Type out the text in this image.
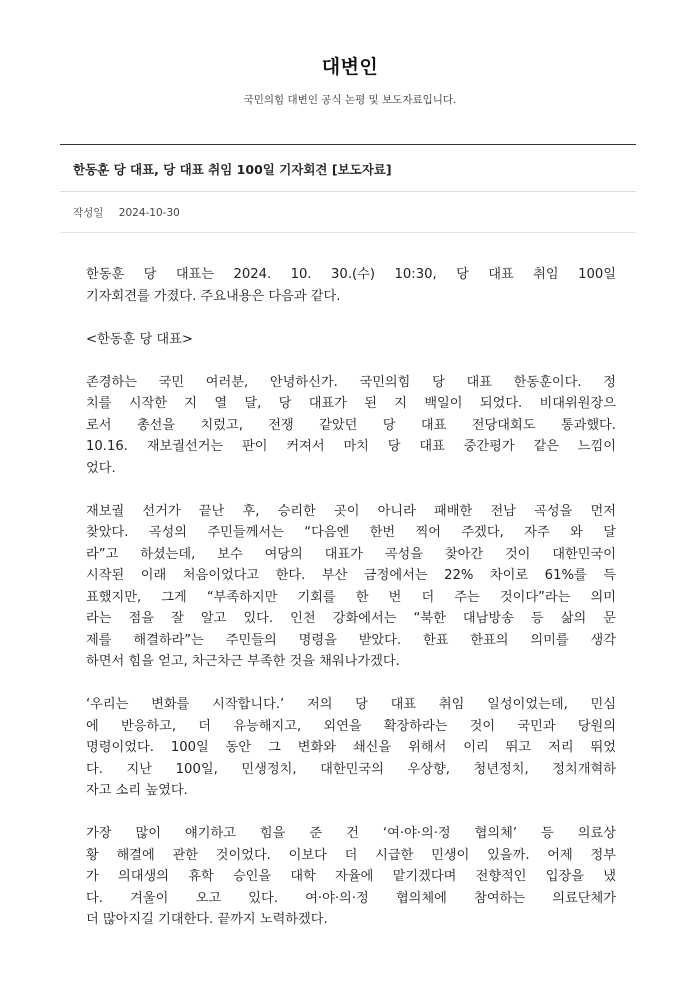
대변인
국민의힘 대변인 공식 논평 및 보도자료입니다.
한동훈 당 대표, 당 대표 취임 100일 기자회견 [보도자료]
작성일 2024-10-30
한동훈 당 대표는 2024. 10. 30.(수) 10:30, 당 대표 취임 100일
기자회견를 가졌다. 주요내용은 다음과 같다.
<한동훈 당 대표>
존경하는 국민 여러분, 안녕하신가. 국민의힘 당 대표 한동훈이다. 정
치를 시작한 지 열 달, 당 대표가 된 지 백일이 되었다. 비대위원장으
로서 총선을 치렀고, 전쟁 같았던 당 대표 전당대회도 통과했다.
10.16. 재보궐선거는 판이 커져서 마치 당 대표 중간평가 같은 느낌이
었다.
재보궐 선거가 끝난 후, 승리한 곳이 아니라 패배한 전남 곡성을 먼저
찾았다. 곡성의 주민들께서는 “다음엔 한번 찍어 주겠다, 자주 와 달
라”고 하셨는데, 보수 여당의 대표가 곡성을 찾아간 것이 대한민국이
시작된 이래 처음이었다고 한다. 부산 금정에서는 22% 차이로 61%를 득
표했지만, 그게 “부족하지만 기회를 한 번 더 주는 것이다”라는 의미
라는 점을 잘 알고 있다. 인천 강화에서는 “북한 대남방송 등 삶의 문
제를 해결하라”는 주민들의 명령을 받았다. 한표 한표의 의미를 생각
하면서 힘을 얻고, 차근차근 부족한 것을 채워나가겠다.
‘우리는 변화를 시작합니다.’ 저의 당 대표 취임 일성이었는데, 민심
에 반응하고, 더 유능해지고, 외연을 확장하라는 것이 국민과 당원의
명령이었다. 100일 동안 그 변화와 쇄신을 위해서 이리 뛰고 저리 뛰었
다. 지난 100일, 민생정치, 대한민국의 우상향, 청년정치, 정치개혁하
자고 소리 높였다.
가장 많이 얘기하고 힘을 준 건 ‘여·야·의·정 협의체’ 등 의료상
황 해결에 관한 것이었다. 이보다 더 시급한 민생이 있을까. 어제 정부
가 의대생의 휴학 승인을 대학 자율에 맡기겠다며 전향적인 입장을 냈
다. 겨울이 오고 있다. 여·야·의·정 협의체에 참여하는 의료단체가
더 많아지길 기대한다. 끝까지 노력하겠다.
